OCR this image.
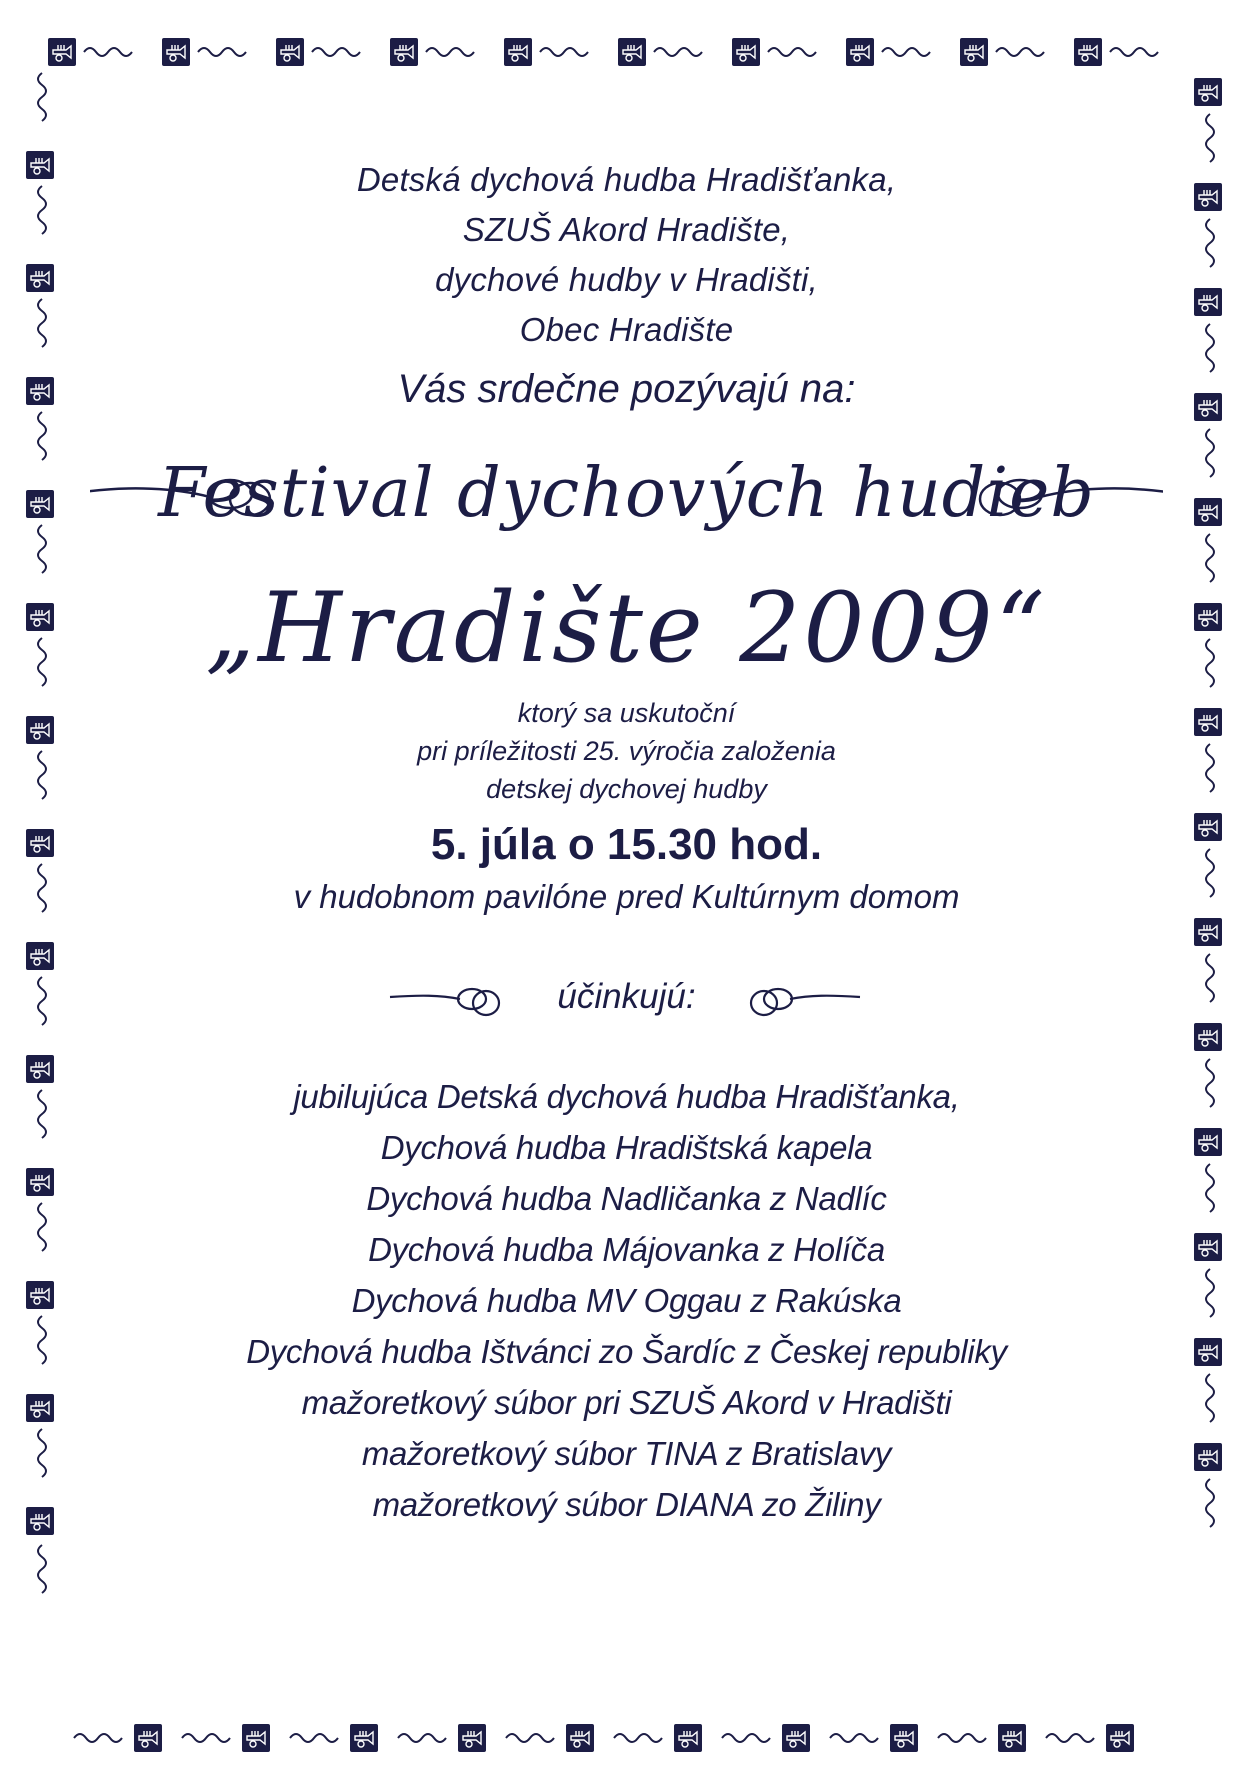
Detská dychová hudba Hradišťanka,
SZUŠ Akord Hradište,
dychové hudby v Hradišti,
Obec Hradište
Vás srdečne pozývajú na:
Festival dychových hudieb
„Hradište 2009“
ktorý sa uskutoční
pri príležitosti 25. výročia založenia
detskej dychovej hudby
5. júla o 15.30 hod.
v hudobnom pavilóne pred Kultúrnym domom
účinkujú:
jubilujúca Detská dychová hudba Hradišťanka,
Dychová hudba Hradištská kapela
Dychová hudba Nadličanka z Nadlíc
Dychová hudba Májovanka z Holíča
Dychová hudba MV Oggau z Rakúska
Dychová hudba Ištvánci zo Šardíc z Českej republiky
mažoretkový súbor pri SZUŠ Akord v Hradišti
mažoretkový súbor TINA z Bratislavy
mažoretkový súbor DIANA zo Žiliny
